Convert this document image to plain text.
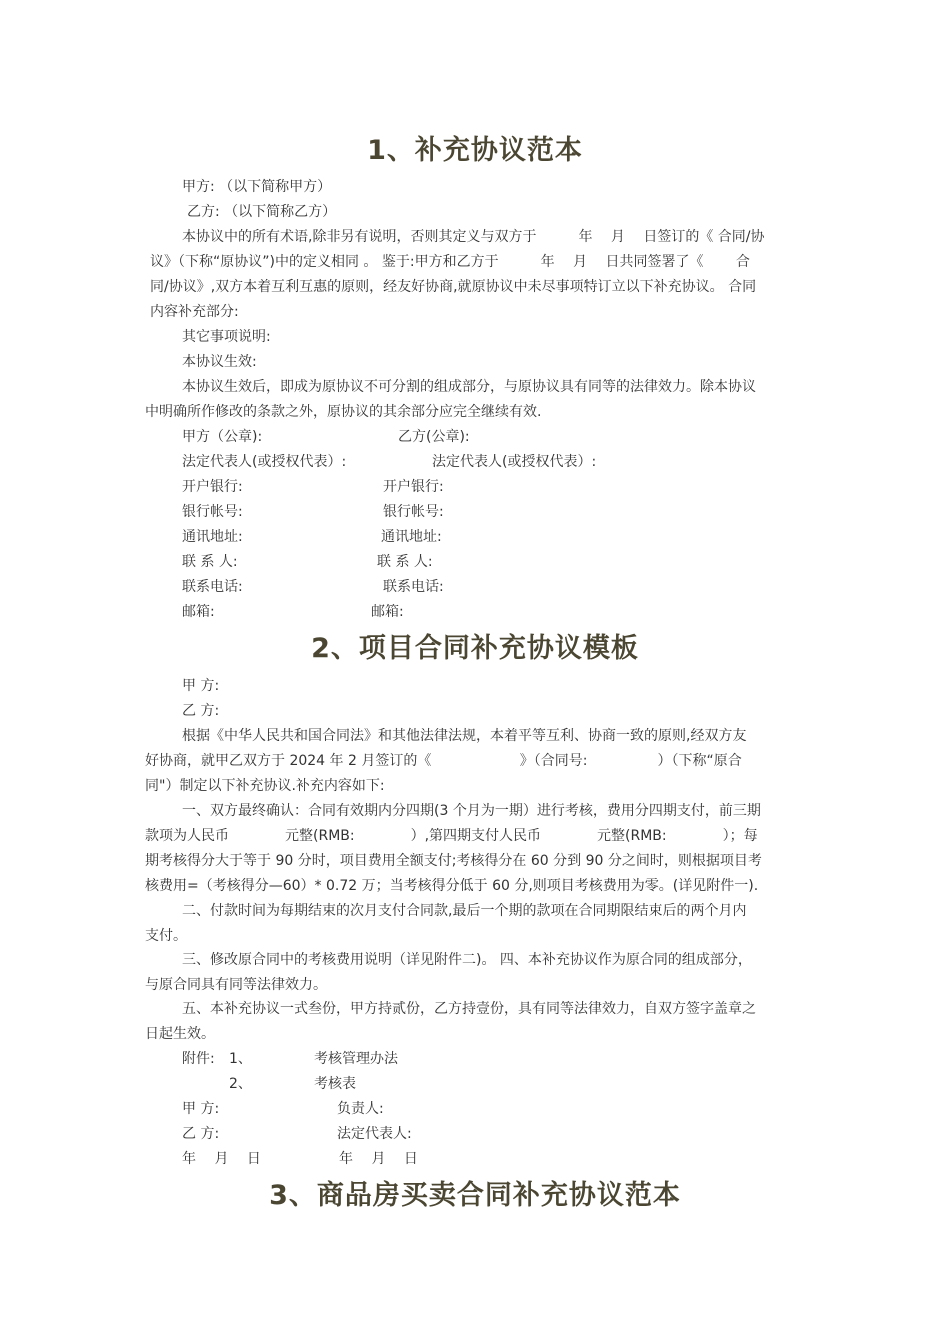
1、补充协议范本
甲方: （以下简称甲方）
乙方: （以下简称乙方）
本协议中的所有术语,除非另有说明，否则其定义与双方于　　　年　 月　 日签订的《 合同/协
议》（下称“原协议”)中的定义相同 。 鉴于:甲方和乙方于　　　年　 月　 日共同签署了《　　 合
同/协议》,双方本着互利互惠的原则，经友好协商,就原协议中未尽事项特订立以下补充协议。 合同
内容补充部分:
其它事项说明:
本协议生效:
本协议生效后，即成为原协议不可分割的组成部分，与原协议具有同等的法律效力。除本协议
中明确所作修改的条款之外，原协议的其余部分应完全继续有效.
甲方（公章):	乙方(公章):
法定代表人(或授权代表）:	法定代表人(或授权代表）:
开户银行:	开户银行:
银行帐号:	银行帐号:
通讯地址:	通讯地址:
联 系 人:	联 系 人:
联系电话:	联系电话:
邮箱:	邮箱:
2、项目合同补充协议模板
甲 方:
乙 方:
根据《中华人民共和国合同法》和其他法律法规，本着平等互利、协商一致的原则,经双方友
好协商，就甲乙双方于 2024 年 2 月签订的《　　　　　　 》（合同号:　　　　　）（下称“原合
同"）制定以下补充协议.补充内容如下:
一、双方最终确认：合同有效期内分四期(3 个月为一期）进行考核，费用分四期支付，前三期
款项为人民币　　　　元整(RMB:　　　　）,第四期支付人民币　　　　元整(RMB:　　　　）；每
期考核得分大于等于 90 分时，项目费用全额支付;考核得分在 60 分到 90 分之间时，则根据项目考
核费用=（考核得分—60）* 0.72 万；当考核得分低于 60 分,则项目考核费用为零。(详见附件一).
二、付款时间为每期结束的次月支付合同款,最后一个期的款项在合同期限结束后的两个月内
支付。
三、修改原合同中的考核费用说明（详见附件二)。 四、本补充协议作为原合同的组成部分，
与原合同具有同等法律效力。
五、本补充协议一式叁份，甲方持贰份，乙方持壹份，具有同等法律效力，自双方签字盖章之
日起生效。
附件: 1、	考核管理办法
2、	考核表
甲 方:	负责人:
乙 方:	法定代表人:
年　 月　 日	年　 月　 日
3、商品房买卖合同补充协议范本
